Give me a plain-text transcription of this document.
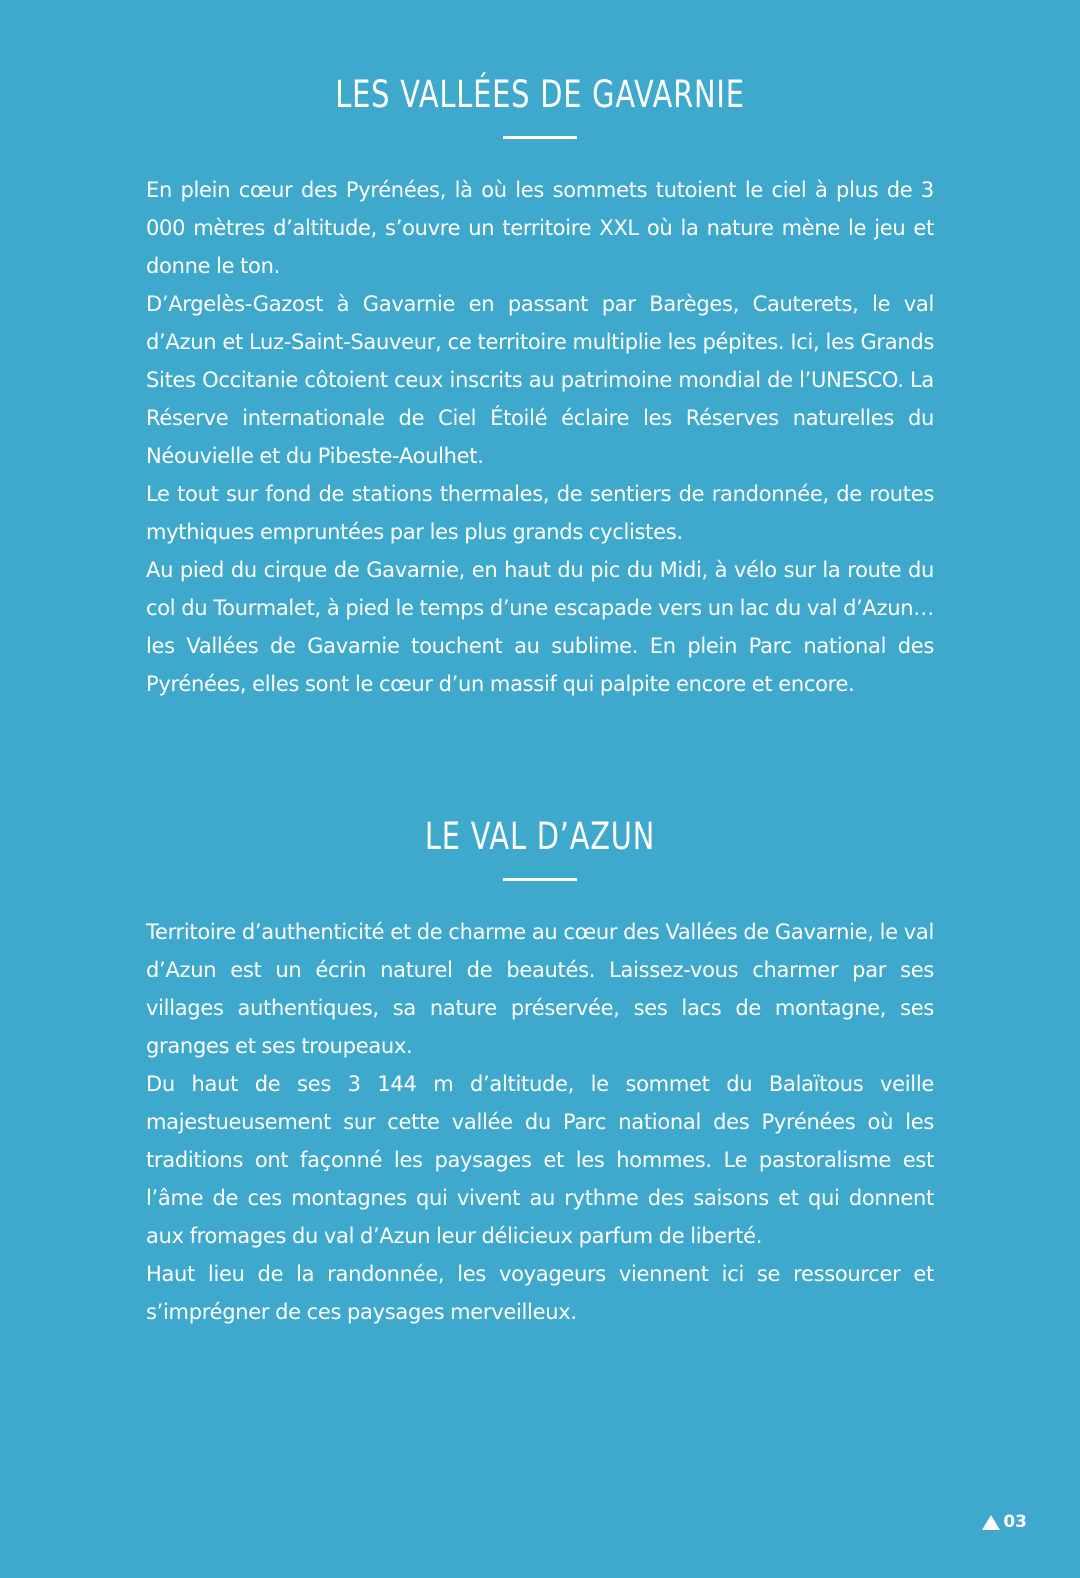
LES VALLÉES DE GAVARNIE

En plein cœur des Pyrénées, là où les sommets tutoient le ciel à plus de 3 000 mètres d’altitude, s’ouvre un territoire XXL où la nature mène le jeu et donne le ton.

D’Argelès-Gazost à Gavarnie en passant par Barèges, Cauterets, le val d’Azun et Luz-Saint-Sauveur, ce territoire multiplie les pépites. Ici, les Grands Sites Occitanie côtoient ceux inscrits au patrimoine mondial de l’UNESCO. La Réserve internationale de Ciel Étoilé éclaire les Réserves naturelles du Néouvielle et du Pibeste-Aoulhet.

Le tout sur fond de stations thermales, de sentiers de randonnée, de routes mythiques empruntées par les plus grands cyclistes.

Au pied du cirque de Gavarnie, en haut du pic du Midi, à vélo sur la route du col du Tourmalet, à pied le temps d’une escapade vers un lac du val d’Azun… les Vallées de Gavarnie touchent au sublime. En plein Parc national des Pyrénées, elles sont le cœur d’un massif qui palpite encore et encore.

LE VAL D’AZUN

Territoire d’authenticité et de charme au cœur des Vallées de Gavarnie, le val d’Azun est un écrin naturel de beautés. Laissez-vous charmer par ses villages authentiques, sa nature préservée, ses lacs de montagne, ses granges et ses troupeaux.

Du haut de ses 3 144 m d’altitude, le sommet du Balaïtous veille majestueusement sur cette vallée du Parc national des Pyrénées où les traditions ont façonné les paysages et les hommes. Le pastoralisme est l’âme de ces montagnes qui vivent au rythme des saisons et qui donnent aux fromages du val d’Azun leur délicieux parfum de liberté.

Haut lieu de la randonnée, les voyageurs viennent ici se ressourcer et s’imprégner de ces paysages merveilleux.

03
